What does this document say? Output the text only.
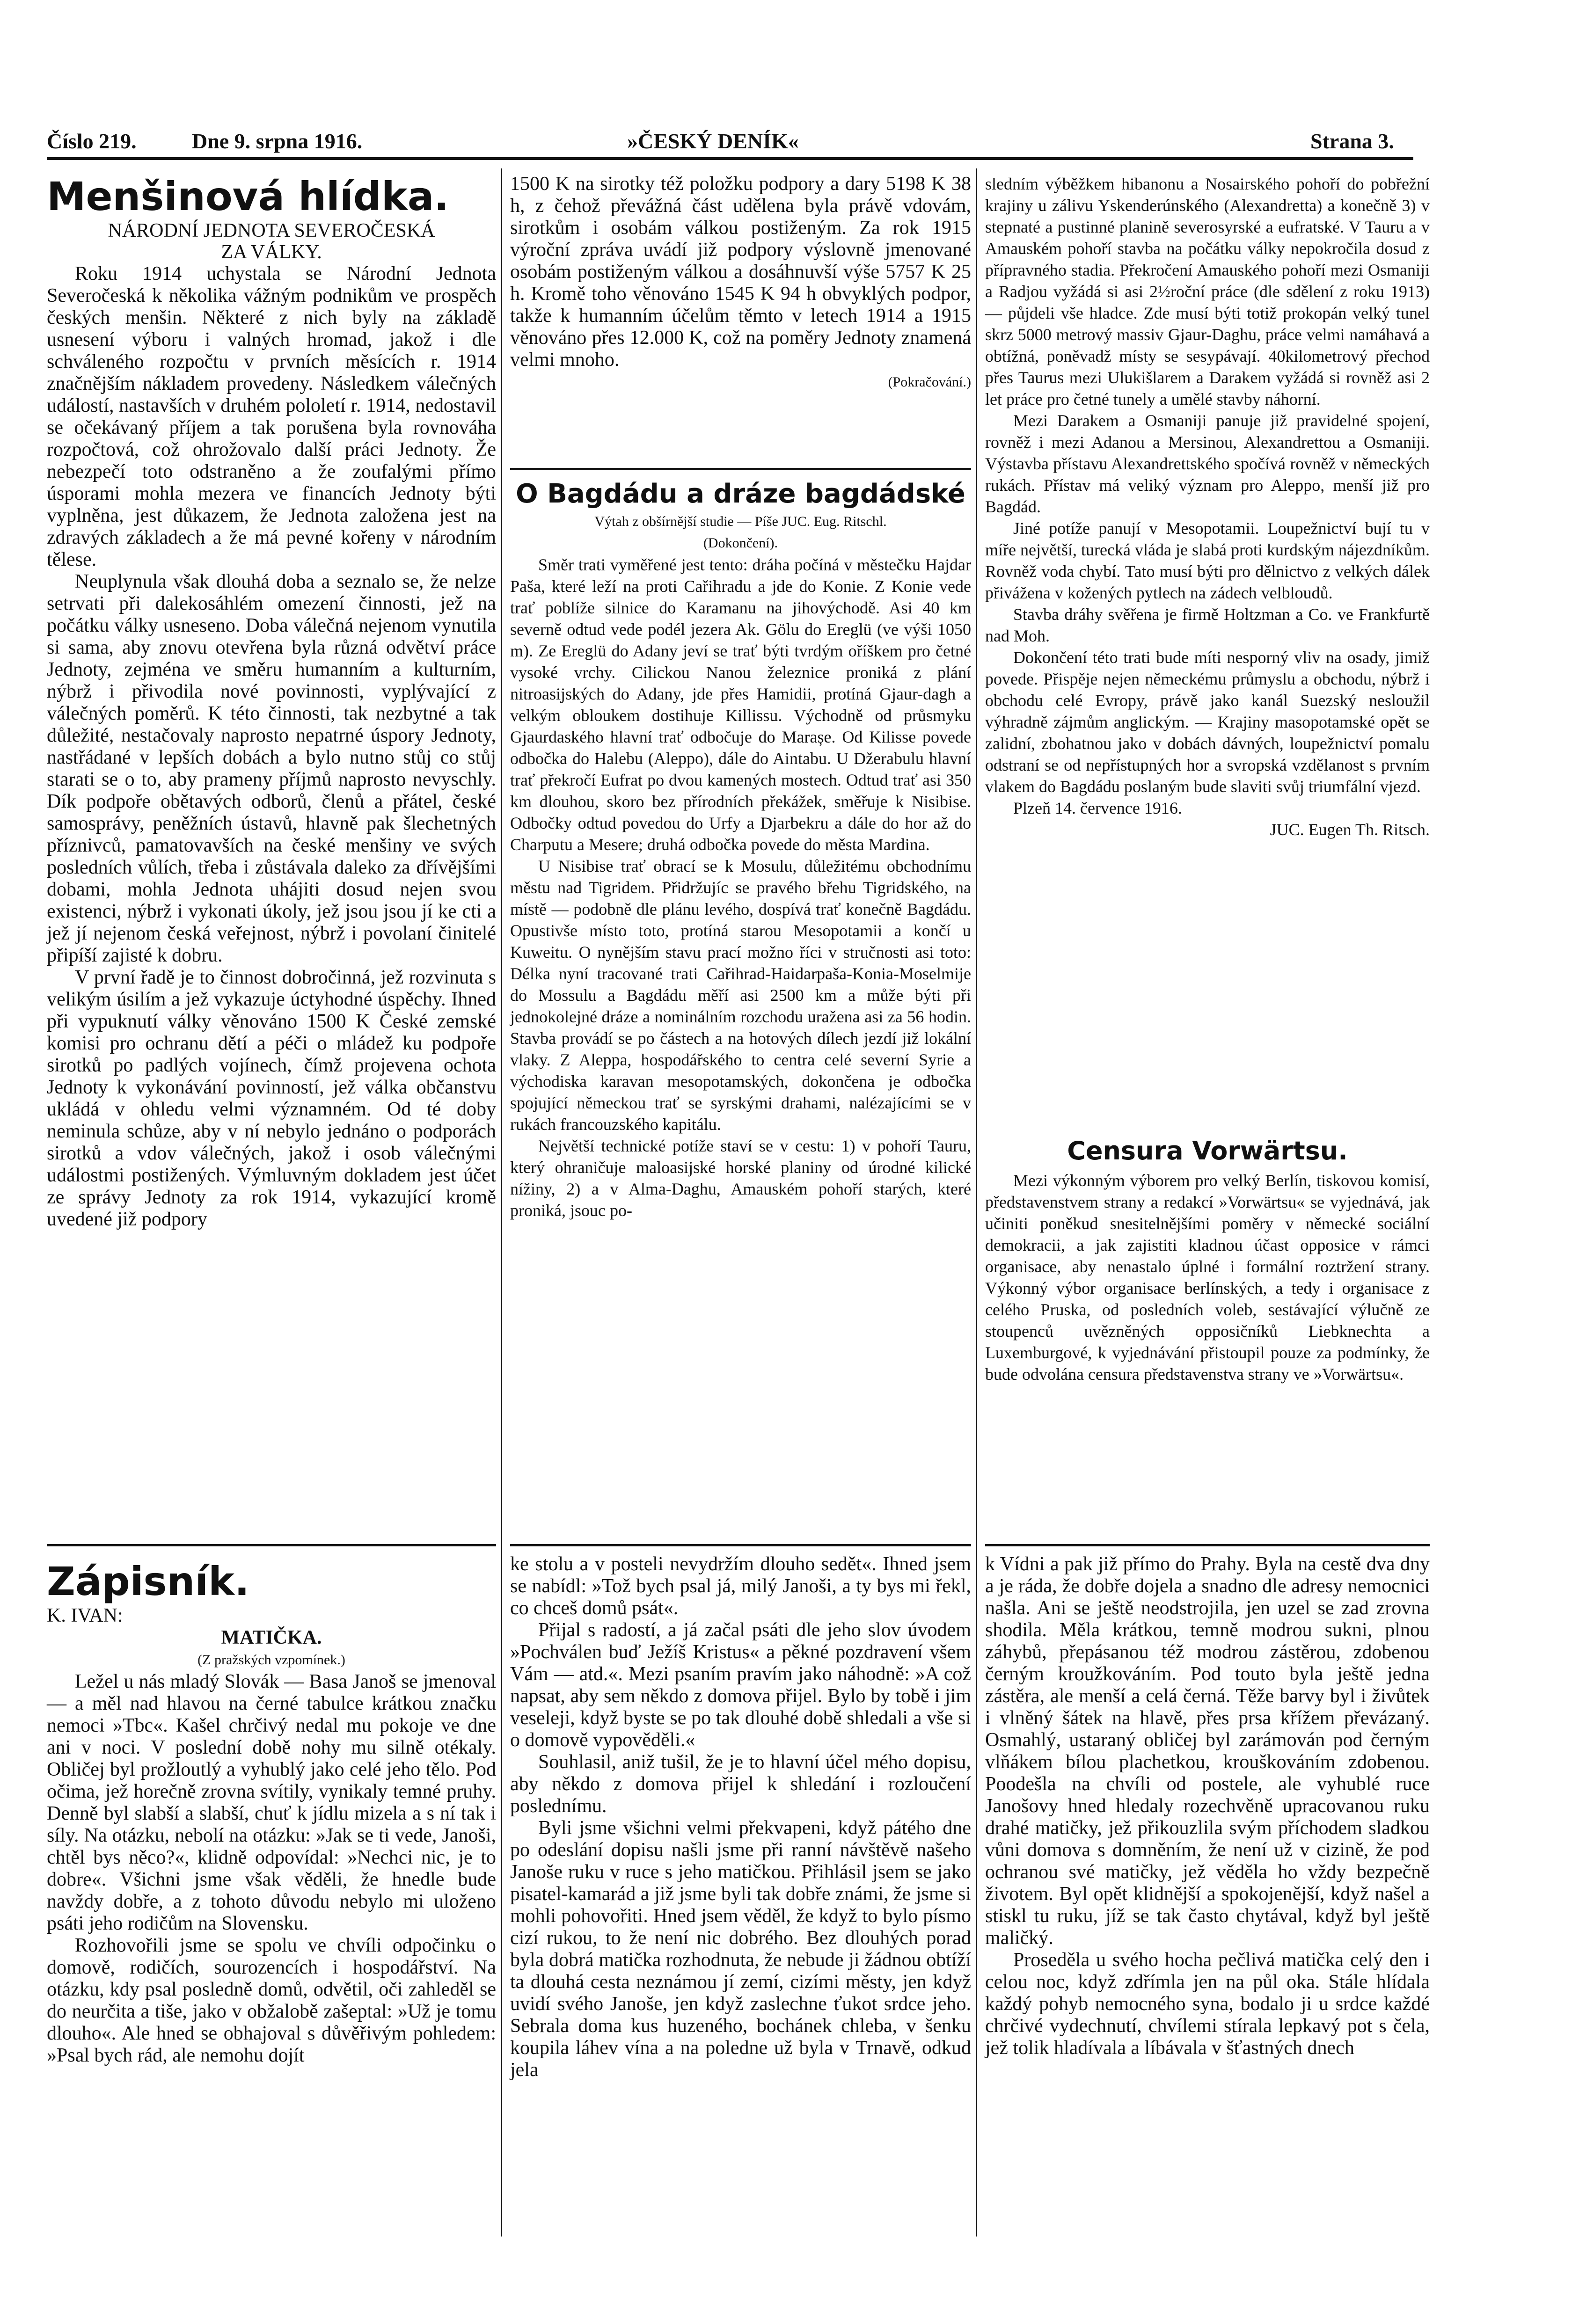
Číslo 219.	Dne 9. srpna 1916.	»ČESKÝ DENÍK«	Strana 3.
Menšinová hlídka.
NÁRODNÍ JEDNOTA SEVEROČESKÁ ZA VÁLKY.

Roku 1914 uchystala se Národní Jednota Severočeská k několika vážným podnikům ve prospěch českých menšin. Některé z nich byly na základě usnesení výboru i valných hromad, jakož i dle schváleného rozpočtu v prvních měsících r. 1914 značnějším nákladem provedeny. Následkem válečných událostí, nastavších v druhém pololetí r. 1914, nedostavil se očekávaný příjem a tak porušena byla rovnováha rozpočtová, což ohrožovalo další práci Jednoty. Že nebezpečí toto odstraněno a že zoufalými přímo úsporami mohla mezera ve financích Jednoty býti vyplněna, jest důkazem, že Jednota založena jest na zdravých základech a že má pevné kořeny v národním tělese.

Neuplynula však dlouhá doba a seznalo se, že nelze setrvati při dalekosáhlém omezení činnosti, jež na počátku války usneseno. Doba válečná nejenom vynutila si sama, aby znovu otevřena byla různá odvětví práce Jednoty, zejména ve směru humanním a kulturním, nýbrž i přivodila nové povinnosti, vyplývající z válečných poměrů. K této činnosti, tak nezbytné a tak důležité, nestačovaly naprosto nepatrné úspory Jednoty, nastřádané v lepších dobách a bylo nutno stůj co stůj starati se o to, aby prameny příjmů naprosto nevyschly. Dík podpoře obětavých odborů, členů a přátel, české samosprávy, peněžních ústavů, hlavně pak šlechetných příznivců, pamatovavších na české menšiny ve svých posledních vůlích, třeba i zůstávala daleko za dřívějšími dobami, mohla Jednota uhájiti dosud nejen svou existenci, nýbrž i vykonati úkoly, jež jsou jsou jí ke cti a jež jí nejenom česká veřejnost, nýbrž i povolaní činitelé připíší zajisté k dobru.

V první řadě je to činnost dobročinná, jež rozvinuta s velikým úsilím a jež vykazuje úctyhodné úspěchy. Ihned při vypuknutí války věnováno 1500 K České zemské komisi pro ochranu dětí a péči o mládež ku podpoře sirotků po padlých vojínech, čímž projevena ochota Jednoty k vykonávání povinností, jež válka občanstvu ukládá v ohledu velmi významném. Od té doby neminula schůze, aby v ní nebylo jednáno o podporách sirotků a vdov válečných, jakož i osob válečnými událostmi postižených. Výmluvným dokladem jest účet ze správy Jednoty za rok 1914, vykazující kromě uvedené již podpory

Zápisník.
K. IVAN:
MATIČKA.
(Z pražských vzpomínek.)

Ležel u nás mladý Slovák — Basa Janoš se jmenoval — a měl nad hlavou na černé tabulce krátkou značku nemoci »Tbc«. Kašel chrčivý nedal mu pokoje ve dne ani v noci. V poslední době nohy mu silně otékaly. Obličej byl prožloutlý a vyhublý jako celé jeho tělo. Pod očima, jež horečně zrovna svítily, vynikaly temné pruhy. Denně byl slabší a slabší, chuť k jídlu mizela a s ní tak i síly. Na otázku, nebolí na otázku: »Jak se ti vede, Janoši, chtěl bys něco?«, klidně odpovídal: »Nechci nic, je to dobre«. Všichni jsme však věděli, že hnedle bude navždy dobře, a z tohoto důvodu nebylo mi uloženo psáti jeho rodičům na Slovensku.

Rozhovořili jsme se spolu ve chvíli odpočinku o domově, rodičích, sourozencích i hospodářství. Na otázku, kdy psal posledně domů, odvětil, oči zahleděl se do neurčita a tiše, jako v obžalobě zašeptal: »Už je tomu dlouho«. Ale hned se obhajoval s důvěřivým pohledem: »Psal bych rád, ale nemohu dojít

1500 K na sirotky též položku podpory a dary 5198 K 38 h, z čehož převážná část udělena byla právě vdovám, sirotkům i osobám válkou postiženým. Za rok 1915 výroční zpráva uvádí již podpory výslovně jmenované osobám postiženým válkou a dosáhnuvší výše 5757 K 25 h. Kromě toho věnováno 1545 K 94 h obvyklých podpor, takže k humanním účelům těmto v letech 1914 a 1915 věnováno přes 12.000 K, což na poměry Jednoty znamená velmi mnoho.
(Pokračování.)
O Bagdádu a dráze bagdádské
Výtah z obšírnější studie — Píše JUC. Eug. Ritschl.
(Dokončení).

Směr trati vyměřené jest tento: dráha počíná v městečku Hajdar Paša, které leží na proti Cařihradu a jde do Konie. Z Konie vede trať poblíže silnice do Karamanu na jihovýchodě. Asi 40 km severně odtud vede podél jezera Ak. Gölu do Ereglü (ve výši 1050 m). Ze Ereglü do Adany jeví se trať býti tvrdým oříškem pro četné vysoké vrchy. Cilickou Nanou železnice proniká z plání nitroasijských do Adany, jde přes Hamidii, protíná Gjaur-dagh a velkým obloukem dostihuje Killissu. Východně od průsmyku Gjaurdaského hlavní trať odbočuje do Marașe. Od Kilisse povede odbočka do Halebu (Aleppo), dále do Aintabu. U Džerabulu hlavní trať překročí Eufrat po dvou kamených mostech. Odtud trať asi 350 km dlouhou, skoro bez přírodních překážek, směřuje k Nisibise. Odbočky odtud povedou do Urfy a Djarbekru a dále do hor až do Charputu a Mesere; druhá odbočka povede do města Mardina.

U Nisibise trať obrací se k Mosulu, důležitému obchodnímu městu nad Tigridem. Přidržujíc se pravého břehu Tigridského, na místě — podobně dle plánu levého, dospívá trať konečně Bagdádu. Opustivše místo toto, protíná starou Mesopotamii a končí u Kuweitu. O nynějším stavu prací možno říci v stručnosti asi toto: Délka nyní tracované trati Cařihrad-Haidarpaša-Konia-Moselmije do Mossulu a Bagdádu měří asi 2500 km a může býti při jednokolejné dráze a nominálním rozchodu uražena asi za 56 hodin. Stavba provádí se po částech a na hotových dílech jezdí již lokální vlaky. Z Aleppa, hospodářského to centra celé severní Syrie a východiska karavan mesopotamských, dokončena je odbočka spojující německou trať se syrskými drahami, nalézajícími se v rukách francouzského kapitálu.

Největší technické potíže staví se v cestu: 1) v pohoří Tauru, který ohraničuje maloasijské horské planiny od úrodné kilické nížiny, 2) a v Alma-Daghu, Amauském pohoří starých, které proniká, jsouc po-

ke stolu a v posteli nevydržím dlouho sedět«. Ihned jsem se nabídl: »Tož bych psal já, milý Janoši, a ty bys mi řekl, co chceš domů psát«.

Přijal s radostí, a já začal psáti dle jeho slov úvodem »Pochválen buď Ježíš Kristus« a pěkné pozdravení všem Vám — atd.«. Mezi psaním pravím jako náhodně: »A což napsat, aby sem někdo z domova přijel. Bylo by tobě i jim veseleji, když byste se po tak dlouhé době shledali a vše si o domově vypověděli.«

Souhlasil, aniž tušil, že je to hlavní účel mého dopisu, aby někdo z domova přijel k shledání i rozloučení poslednímu.

Byli jsme všichni velmi překvapeni, když pátého dne po odeslání dopisu našli jsme při ranní návštěvě našeho Janoše ruku v ruce s jeho matičkou. Přihlásil jsem se jako pisatel-kamarád a již jsme byli tak dobře známi, že jsme si mohli pohovořiti. Hned jsem věděl, že když to bylo písmo cizí rukou, to že není nic dobrého. Bez dlouhých porad byla dobrá matička rozhodnuta, že nebude ji žádnou obtíží ta dlouhá cesta neznámou jí zemí, cizími městy, jen když uvidí svého Janoše, jen když zaslechne ťukot srdce jeho. Sebrala doma kus huzeného, bochánek chleba, v šenku koupila láhev vína a na poledne už byla v Trnavě, odkud jela

sledním výběžkem hibanonu a Nosairského pohoří do pobřežní krajiny u zálivu Yskenderúnského (Alexandretta) a konečně 3) v stepnaté a pustinné planině severosyrské a eufratské. V Tauru a v Amauském pohoří stavba na počátku války nepokročila dosud z přípravného stadia. Překročení Amauského pohoří mezi Osmaniji a Radjou vyžádá si asi 2½roční práce (dle sdělení z roku 1913) — půjdeli vše hladce. Zde musí býti totiž prokopán velký tunel skrz 5000 metrový massiv Gjaur-Daghu, práce velmi namáhavá a obtížná, poněvadž místy se sesypávají. 40kilometrový přechod přes Taurus mezi Ulukišlarem a Darakem vyžádá si rovněž asi 2 let práce pro četné tunely a umělé stavby náhorní.

Mezi Darakem a Osmaniji panuje již pravidelné spojení, rovněž i mezi Adanou a Mersinou, Alexandrettou a Osmaniji. Výstavba přístavu Alexandrettského spočívá rovněž v německých rukách. Přístav má veliký význam pro Aleppo, menší již pro Bagdád.

Jiné potíže panují v Mesopotamii. Loupežnictví bují tu v míře největší, turecká vláda je slabá proti kurdským nájezdníkům. Rovněž voda chybí. Tato musí býti pro dělnictvo z velkých dálek přivážena v kožených pytlech na zádech velbloudů.

Stavba dráhy svěřena je firmě Holtzman a Co. ve Frankfurtě nad Moh.

Dokončení této trati bude míti nesporný vliv na osady, jimiž povede. Přispěje nejen německému průmyslu a obchodu, nýbrž i obchodu celé Evropy, právě jako kanál Suezský nesloužil výhradně zájmům anglickým. — Krajiny masopotamské opět se zalidní, zbohatnou jako v dobách dávných, loupežnictví pomalu odstraní se od nepřístupných hor a svropská vzdělanost s prvním vlakem do Bagdádu poslaným bude slaviti svůj triumfální vjezd.

Plzeň 14. července 1916.

JUC. Eugen Th. Ritsch.
Censura Vorwärtsu.

Mezi výkonným výborem pro velký Berlín, tiskovou komisí, představenstvem strany a redakcí »Vorwärtsu« se vyjednává, jak učiniti poněkud snesitelnějšími poměry v německé sociální demokracii, a jak zajistiti kladnou účast opposice v rámci organisace, aby nenastalo úplné i formální roztržení strany. Výkonný výbor organisace berlínských, a tedy i organisace z celého Pruska, od posledních voleb, sestávající výlučně ze stoupenců uvězněných opposičníků Liebknechta a Luxemburgové, k vyjednávání přistoupil pouze za podmínky, že bude odvolána censura představenstva strany ve »Vorwärtsu«.

k Vídni a pak již přímo do Prahy. Byla na cestě dva dny a je ráda, že dobře dojela a snadno dle adresy nemocnici našla. Ani se ještě neodstrojila, jen uzel se zad zrovna shodila. Měla krátkou, temně modrou sukni, plnou záhybů, přepásanou též modrou zástěrou, zdobenou černým kroužkováním. Pod touto byla ještě jedna zástěra, ale menší a celá černá. Těže barvy byl i živůtek i vlněný šátek na hlavě, přes prsa křížem převázaný. Osmahlý, ustaraný obličej byl zarámován pod černým vlňákem bílou plachetkou, krouškováním zdobenou. Poodešla na chvíli od postele, ale vyhublé ruce Janošovy hned hledaly rozechvěně upracovanou ruku drahé matičky, jež přikouzlila svým příchodem sladkou vůni domova s domněním, že není už v cizině, že pod ochranou své matičky, jež věděla ho vždy bezpečně životem. Byl opět klidnější a spokojenější, když našel a stiskl tu ruku, jíž se tak často chytával, když byl ještě maličký.

Proseděla u svého hocha pečlivá matička celý den i celou noc, když zdřímla jen na půl oka. Stále hlídala každý pohyb nemocného syna, bodalo ji u srdce každé chrčivé vydechnutí, chvílemi stírala lepkavý pot s čela, jež tolik hladívala a líbávala v šťastných dnech
